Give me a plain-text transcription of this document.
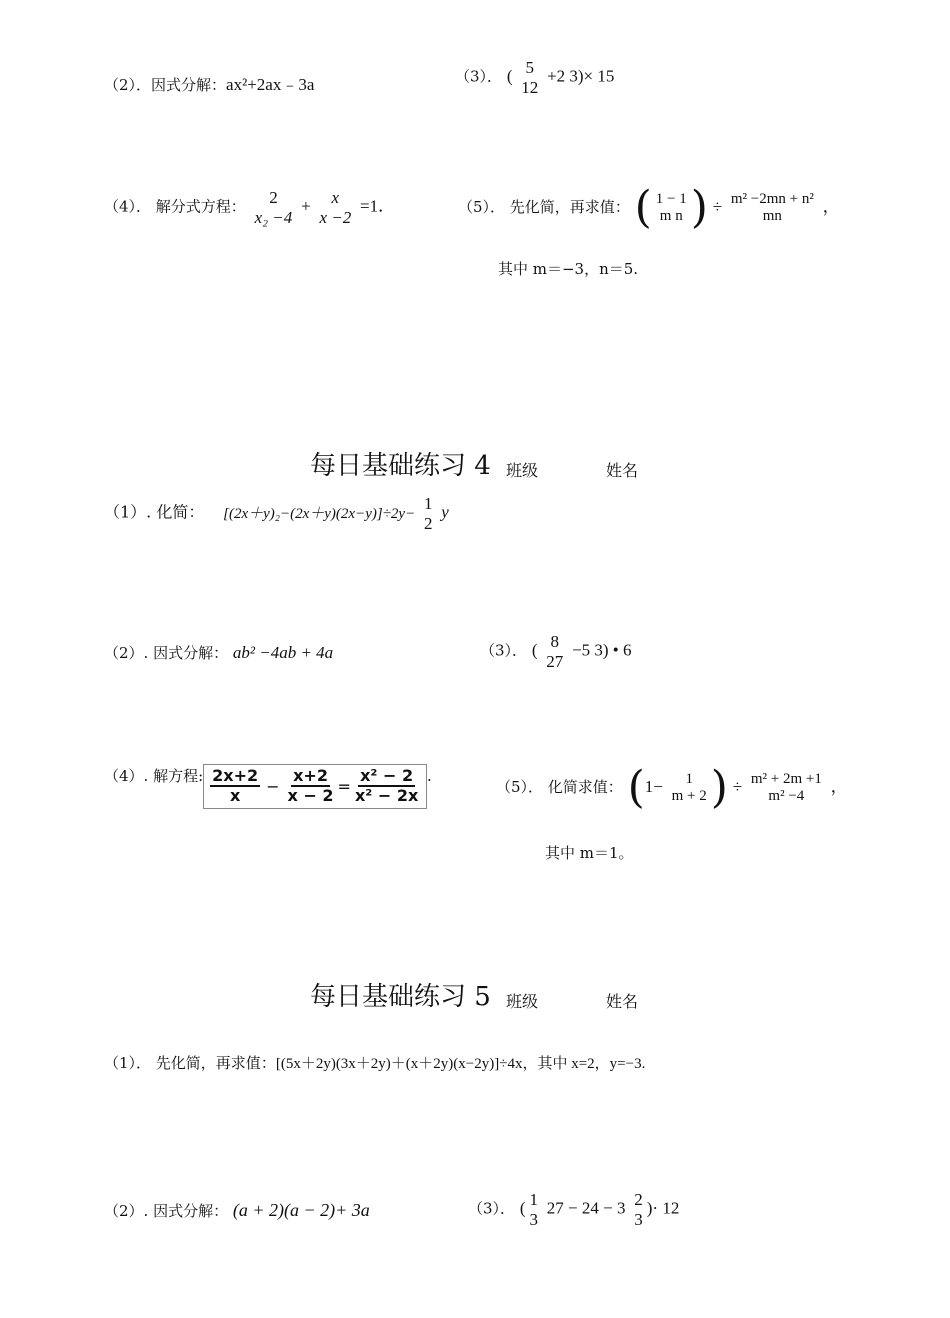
（2）．因式分解：ax²+2ax﹣3a	（3）． ( 5
12
+2 3)× 15
（4）． 解分式方程： 2
x₂ −4
+ x
x −2
=1．	（5）． 先化简，再求值： ( 1 − 1
m n ) ÷ m² −2mn + n²
mn ，
其中 m＝−3，n＝5.
每日基础练习 4 班级	姓名
（1）. 化简： [(2x＋y)₂−(2x＋y)(2x−y)]÷2y−
1
2
y
（2）. 因式分解： ab² −4ab + 4a	（3）． ( 8
27
−5 3) • 6
（4）. 解方程: $\frac{2x+2}{x} - \frac{x+2}{x - 2} = \frac{\text{x² − 2}}{\text{x² − 2x}}$ .
（5）． 化简求值： (1− 1
m + 2 ) ÷ m² + 2m +1
m² −4 ，
其中 m＝1。
每日基础练习 5 班级	姓名
（1）． 先化简，再求值：[(5x＋2y)(3x＋2y)＋(x＋2y)(x−2y)]÷4x，其中 x=2，y=−3.
（2）. 因式分解： (a + 2)(a − 2)+ 3a	（3）． ( 1
3
27 − 24 − 3 2
3
)· 12
